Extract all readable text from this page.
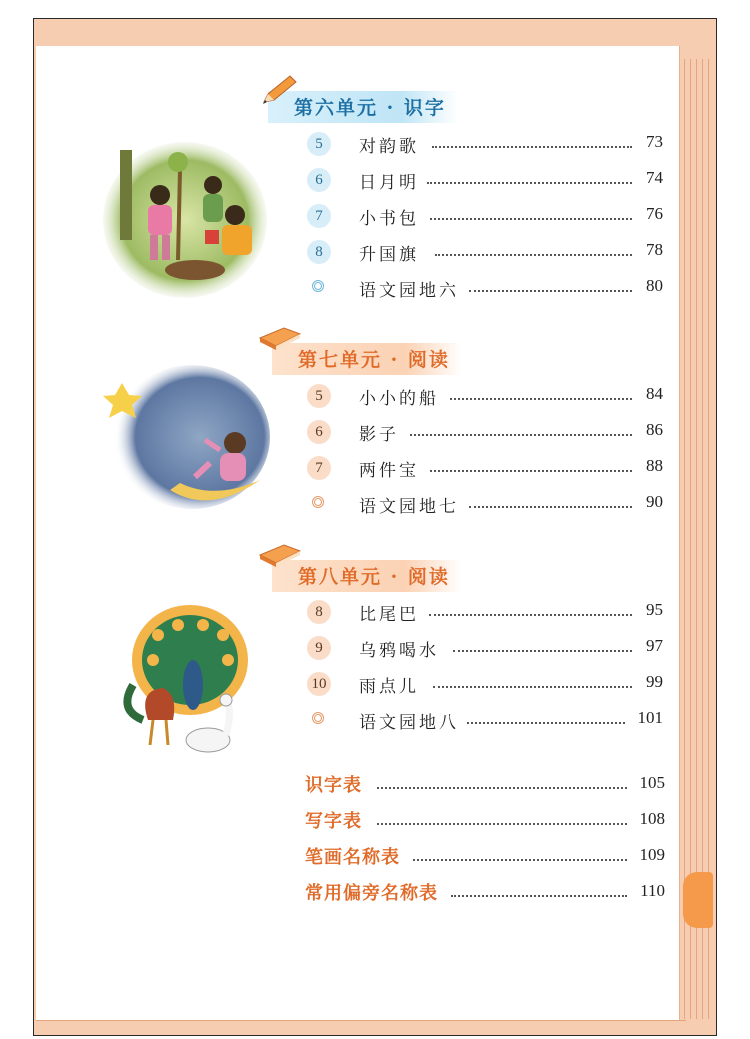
第六单元 · 识字
5	对韵歌	73
6	日月明	74
7	小书包	76
8	升国旗	78
语文园地六	80
第七单元 · 阅读
5	小小的船	84
6	影子	86
7	两件宝	88
语文园地七	90
第八单元 · 阅读
8	比尾巴	95
9	乌鸦喝水	97
10 雨点儿	99
语文园地八	101
识字表	105
写字表	108
笔画名称表	109
常用偏旁名称表	110
